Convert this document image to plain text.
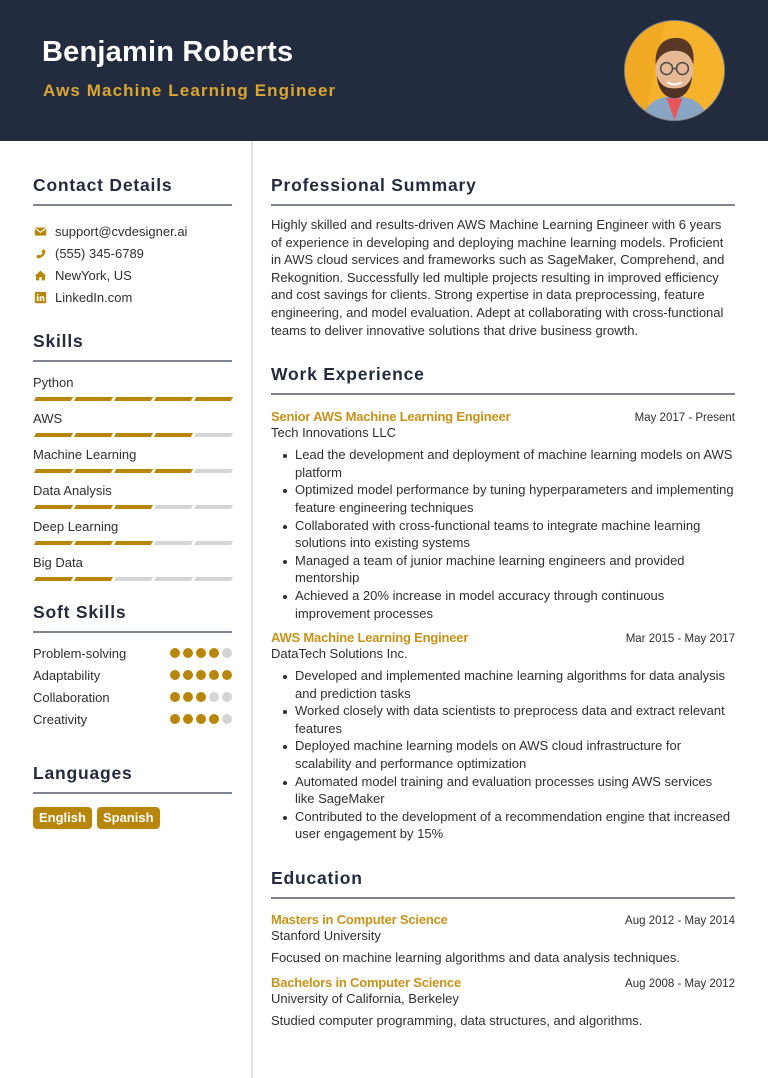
Benjamin Roberts
Aws Machine Learning Engineer
Contact Details
support@cvdesigner.ai
(555) 345-6789
NewYork, US
LinkedIn.com
Skills
Python
AWS
Machine Learning
Data Analysis
Deep Learning
Big Data
Soft Skills
Problem-solving
Adaptability
Collaboration
Creativity
Languages
English	Spanish
Professional Summary

Highly skilled and results-driven AWS Machine Learning Engineer with 6 years of experience in developing and deploying machine learning models. Proficient in AWS cloud services and frameworks such as SageMaker, Comprehend, and Rekognition. Successfully led multiple projects resulting in improved efficiency and cost savings for clients. Strong expertise in data preprocessing, feature engineering, and model evaluation. Adept at collaborating with cross-functional teams to deliver innovative solutions that drive business growth.

Work Experience
Senior AWS Machine Learning Engineer	May 2017 - Present
Tech Innovations LLC
Lead the development and deployment of machine learning models on AWS platform
Optimized model performance by tuning hyperparameters and implementing feature engineering techniques
Collaborated with cross-functional teams to integrate machine learning solutions into existing systems
Managed a team of junior machine learning engineers and provided mentorship
Achieved a 20% increase in model accuracy through continuous improvement processes
AWS Machine Learning Engineer	Mar 2015 - May 2017
DataTech Solutions Inc.
Developed and implemented machine learning algorithms for data analysis and prediction tasks
Worked closely with data scientists to preprocess data and extract relevant features
Deployed machine learning models on AWS cloud infrastructure for scalability and performance optimization
Automated model training and evaluation processes using AWS services like SageMaker
Contributed to the development of a recommendation engine that increased user engagement by 15%
Education
Masters in Computer Science	Aug 2012 - May 2014
Stanford University
Focused on machine learning algorithms and data analysis techniques.
Bachelors in Computer Science	Aug 2008 - May 2012
University of California, Berkeley
Studied computer programming, data structures, and algorithms.
